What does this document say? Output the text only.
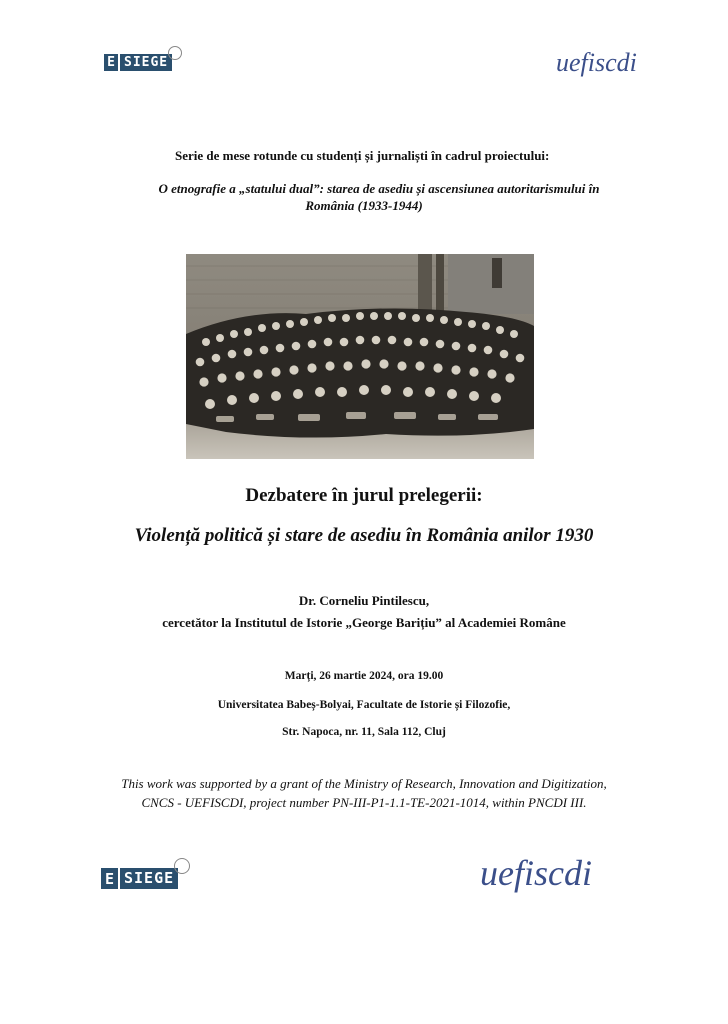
E SIEGE	uefiscdi
Serie de mese rotunde cu studenți și jurnaliști în cadrul proiectului:
O etnografie a „statului dual”: starea de asediu și ascensiunea autoritarismului în
România (1933-1944)
Dezbatere în jurul prelegerii:
Violență politică și stare de asediu în România anilor 1930
Dr. Corneliu Pintilescu,
cercetător la Institutul de Istorie „George Barițiu” al Academiei Române
Marți, 26 martie 2024, ora 19.00
Universitatea Babeș-Bolyai, Facultate de Istorie și Filozofie,
Str. Napoca, nr. 11, Sala 112, Cluj
This work was supported by a grant of the Ministry of Research, Innovation and Digitization,
CNCS - UEFISCDI, project number PN-III-P1-1.1-TE-2021-1014, within PNCDI III.
E SIEGE	uefiscdi
